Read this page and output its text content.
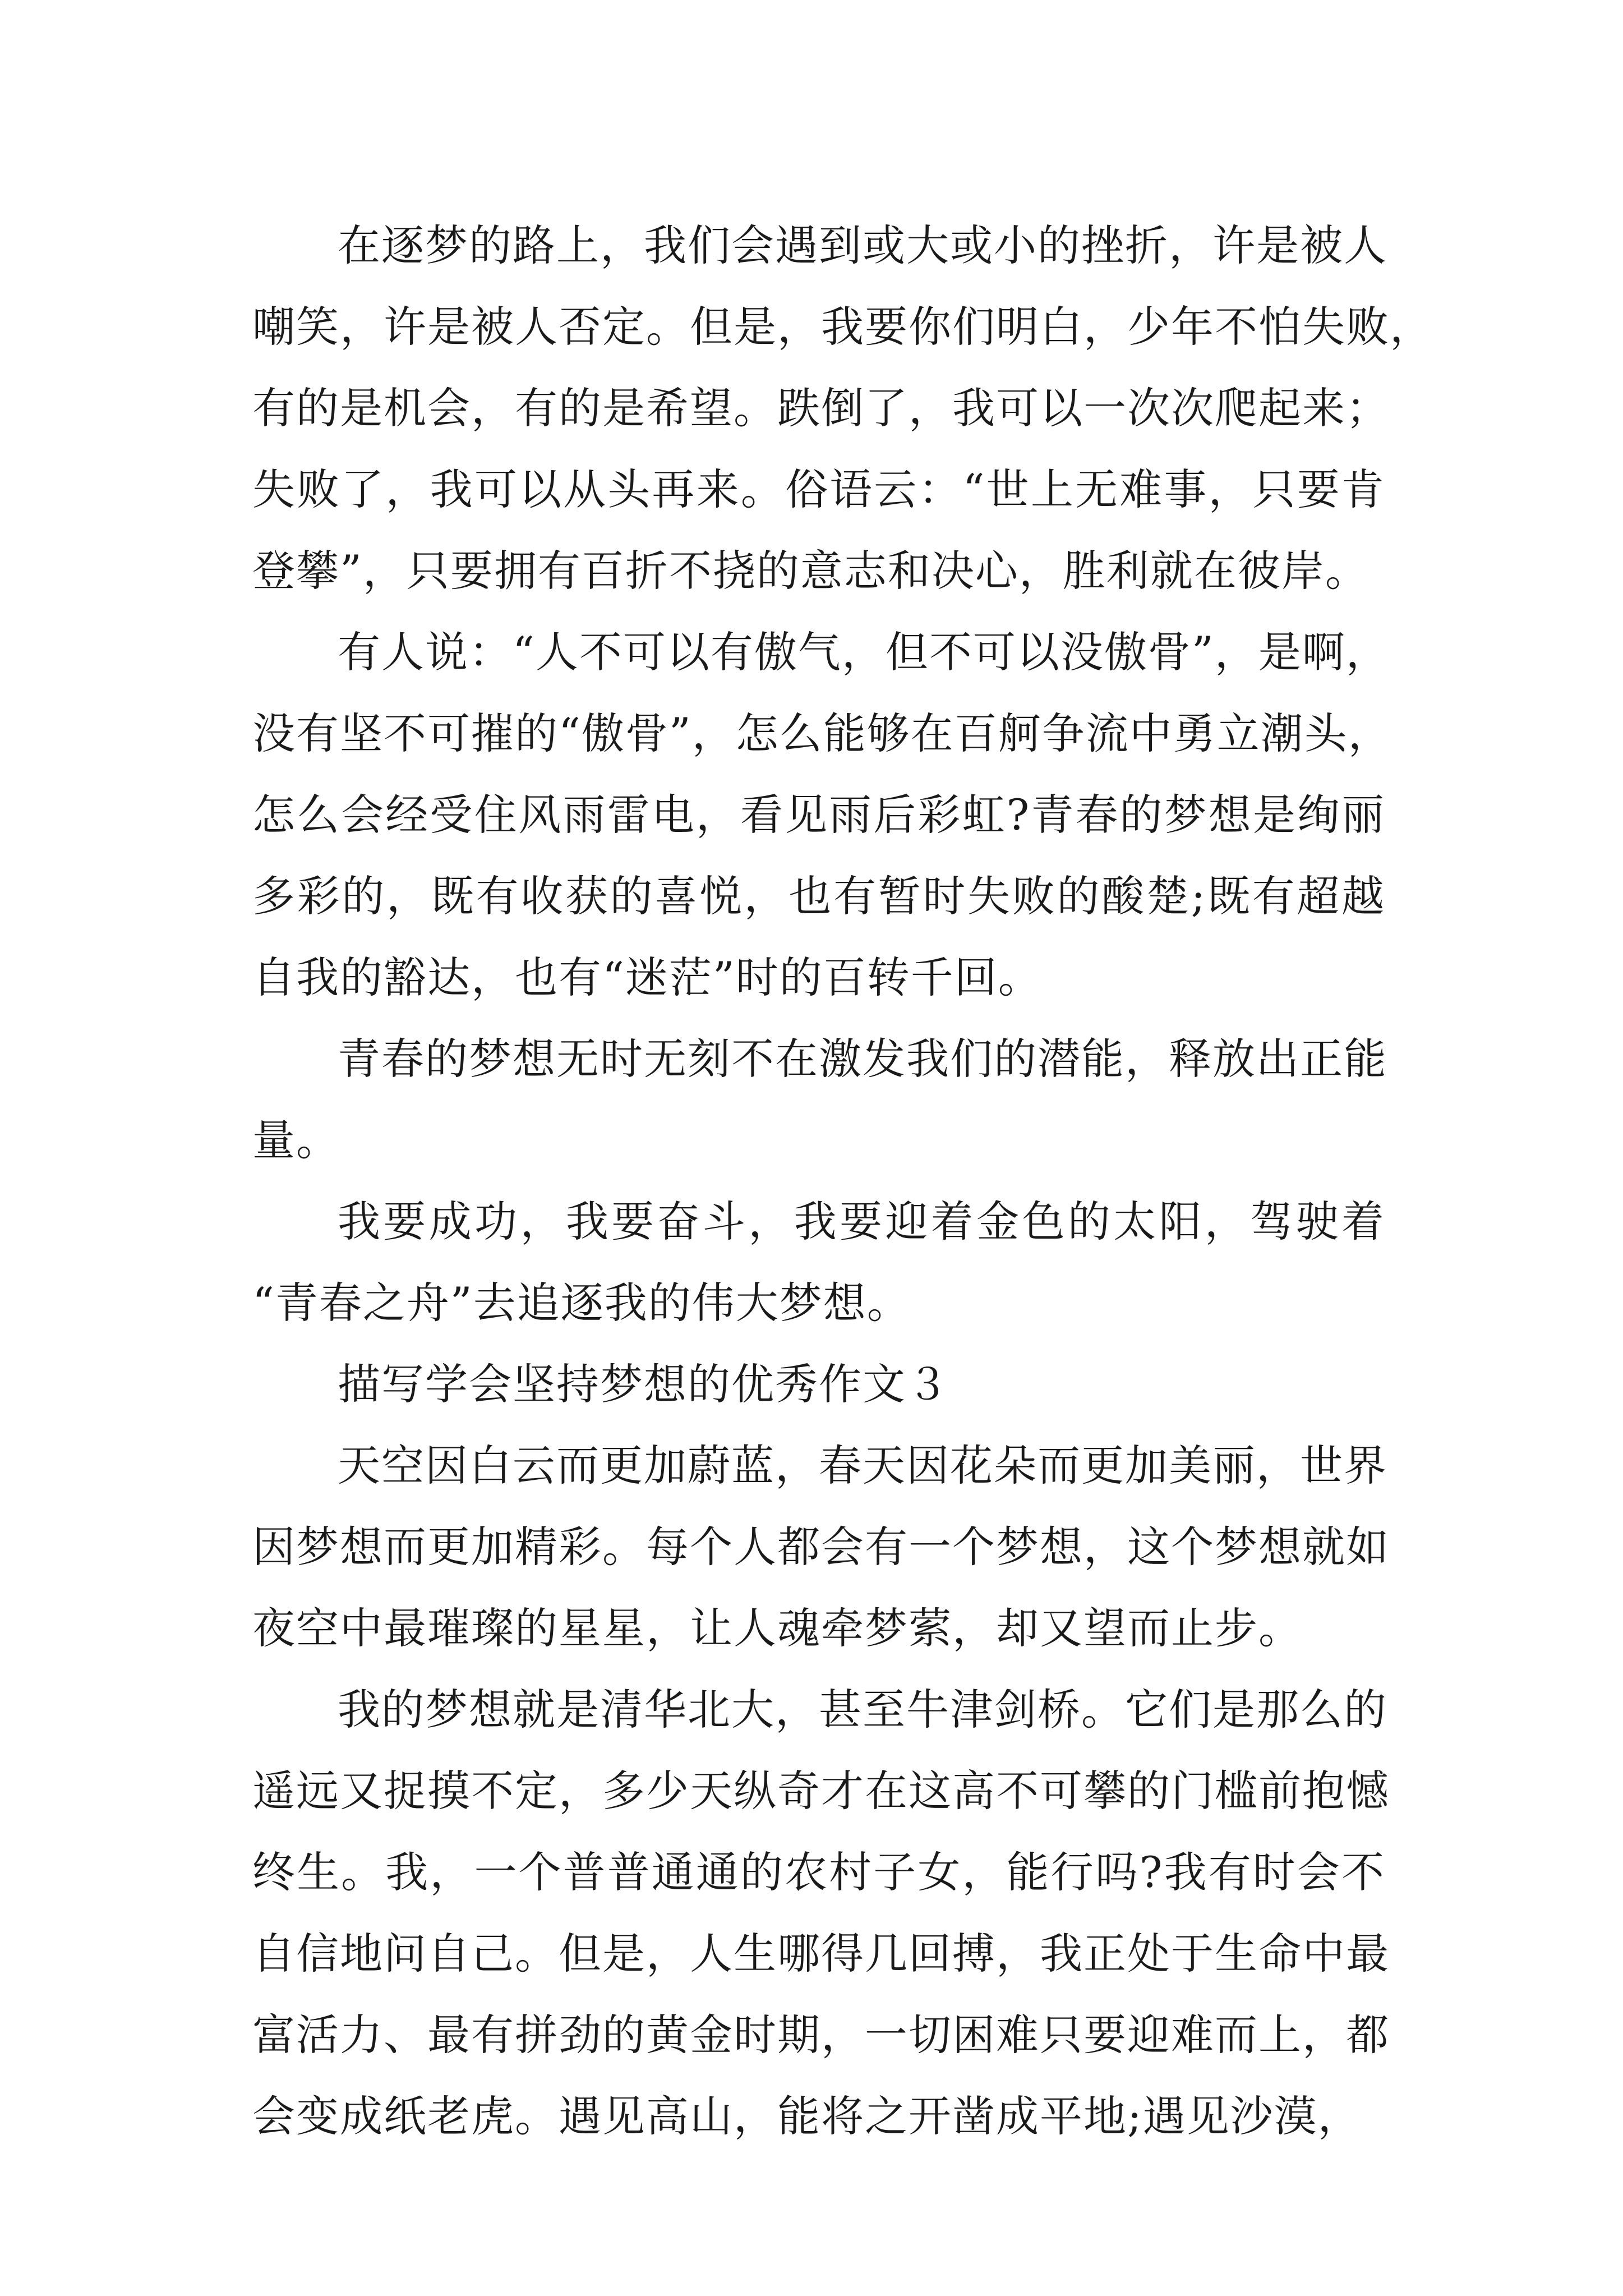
在逐梦的路上，我们会遇到或大或小的挫折，许是被人
嘲笑，许是被人否定。但是，我要你们明白，少年不怕失败，
有的是机会，有的是希望。跌倒了，我可以一次次爬起来；
失败了，我可以从头再来。俗语云：“世上无难事，只要肯
登攀”，只要拥有百折不挠的意志和决心，胜利就在彼岸。
有人说：“人不可以有傲气，但不可以没傲骨”，是啊，
没有坚不可摧的“傲骨”，怎么能够在百舸争流中勇立潮头，
怎么会经受住风雨雷电，看见雨后彩虹?青春的梦想是绚丽
多彩的，既有收获的喜悦，也有暂时失败的酸楚;既有超越
自我的豁达，也有“迷茫”时的百转千回。
青春的梦想无时无刻不在激发我们的潜能，释放出正能
量。
我要成功，我要奋斗，我要迎着金色的太阳，驾驶着
“青春之舟”去追逐我的伟大梦想。
描写学会坚持梦想的优秀作文３
天空因白云而更加蔚蓝，春天因花朵而更加美丽，世界
因梦想而更加精彩。每个人都会有一个梦想，这个梦想就如
夜空中最璀璨的星星，让人魂牵梦萦，却又望而止步。
我的梦想就是清华北大，甚至牛津剑桥。它们是那么的
遥远又捉摸不定，多少天纵奇才在这高不可攀的门槛前抱憾
终生。我，一个普普通通的农村子女，能行吗?我有时会不
自信地问自己。但是，人生哪得几回搏，我正处于生命中最
富活力、最有拼劲的黄金时期，一切困难只要迎难而上，都
会变成纸老虎。遇见高山，能将之开凿成平地;遇见沙漠，
